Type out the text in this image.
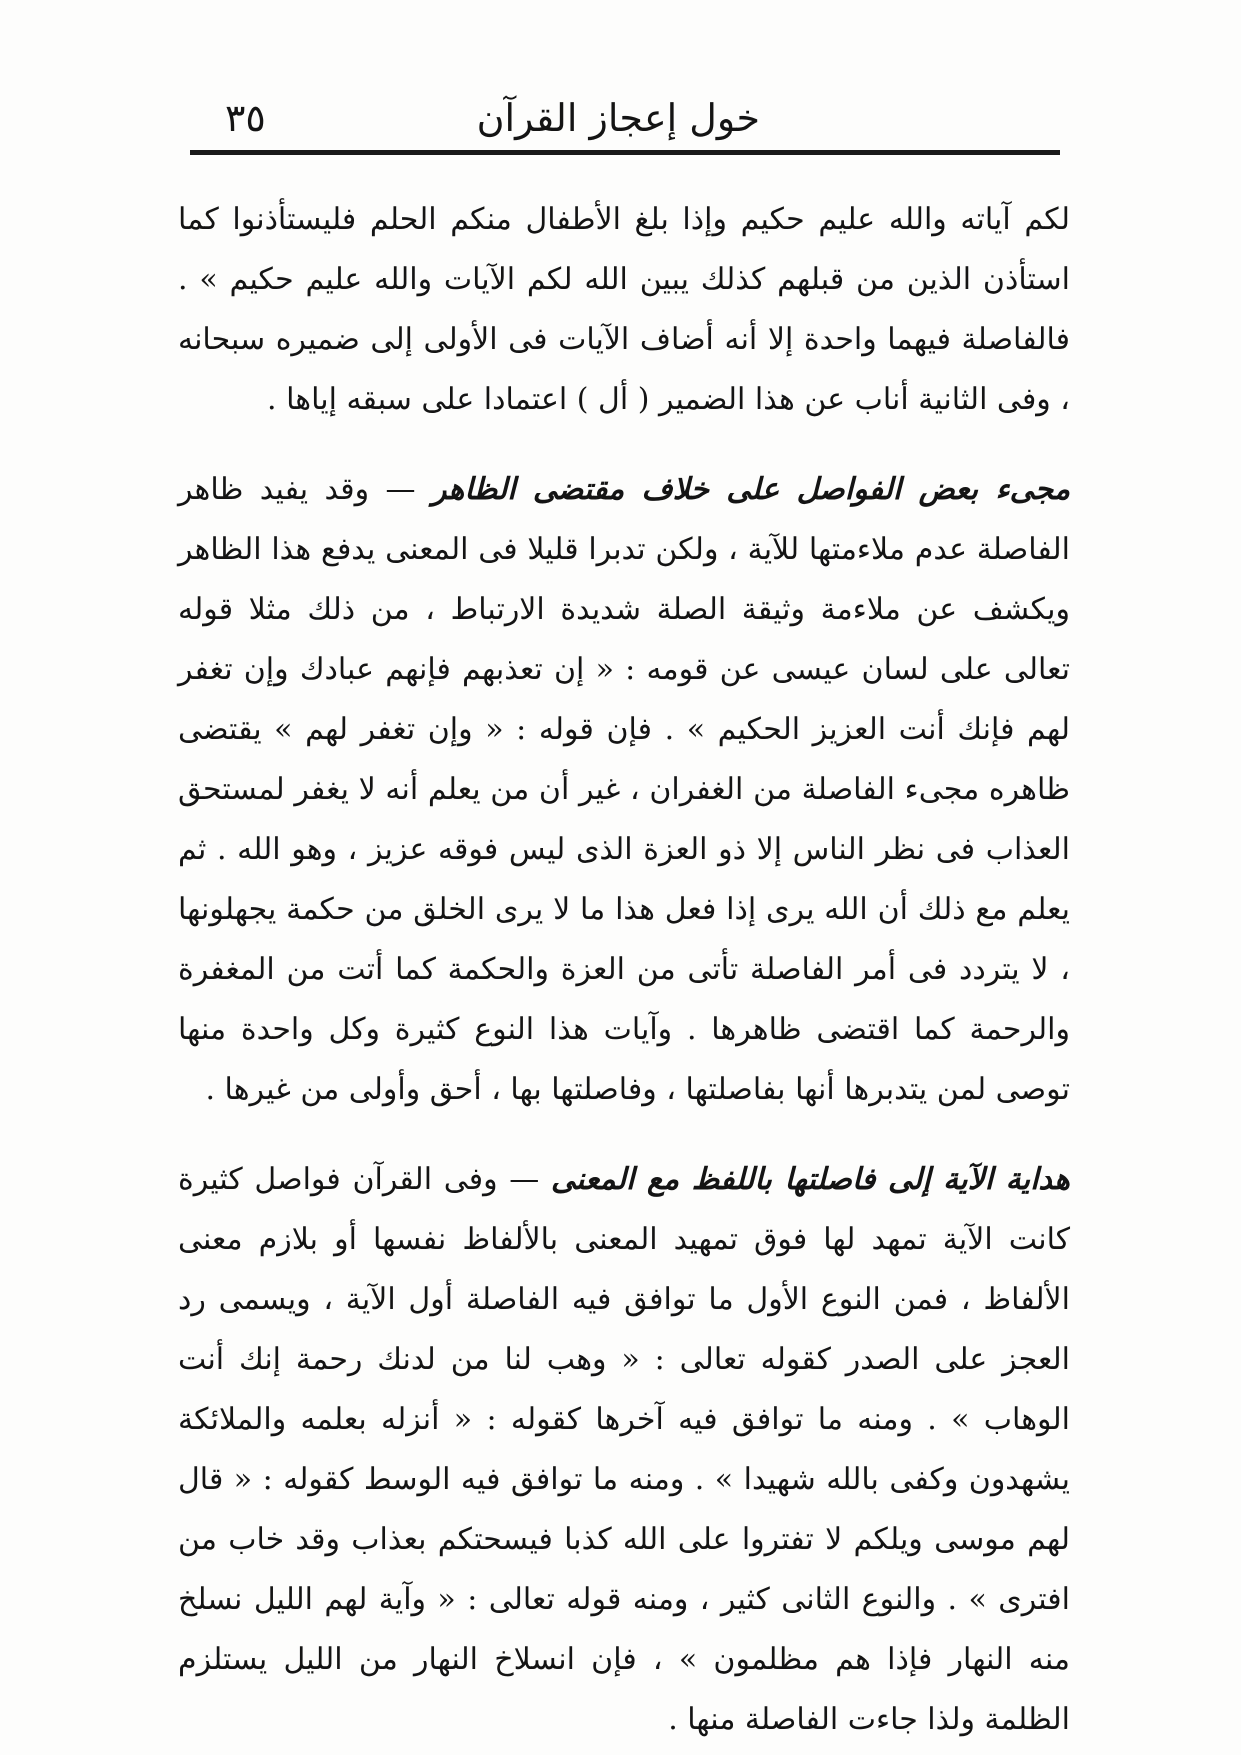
خول إعجاز القرآن
٣٥

لكم آياته والله عليم حكيم وإذا بلغ الأطفال منكم الحلم فليستأذنوا كما استأذن الذين من قبلهم كذلك يبين الله لكم الآيات والله عليم حكيم » . فالفاصلة فيهما واحدة إلا أنه أضاف الآيات فى الأولى إلى ضميره سبحانه ، وفى الثانية أناب عن هذا الضمير ( أل ) اعتمادا على سبقه إياها .

مجىء بعض الفواصل على خلاف مقتضى الظاهر — وقد يفيد ظاهر الفاصلة عدم ملاءمتها للآية ، ولكن تدبرا قليلا فى المعنى يدفع هذا الظاهر ويكشف عن ملاءمة وثيقة الصلة شديدة الارتباط ، من ذلك مثلا قوله تعالى على لسان عيسى عن قومه : « إن تعذبهم فإنهم عبادك وإن تغفر لهم فإنك أنت العزيز الحكيم » . فإن قوله : « وإن تغفر لهم » يقتضى ظاهره مجىء الفاصلة من الغفران ، غير أن من يعلم أنه لا يغفر لمستحق العذاب فى نظر الناس إلا ذو العزة الذى ليس فوقه عزيز ، وهو الله . ثم يعلم مع ذلك أن الله يرى إذا فعل هذا ما لا يرى الخلق من حكمة يجهلونها ، لا يتردد فى أمر الفاصلة تأتى من العزة والحكمة كما أتت من المغفرة والرحمة كما اقتضى ظاهرها . وآيات هذا النوع كثيرة وكل واحدة منها توصى لمن يتدبرها أنها بفاصلتها ، وفاصلتها بها ، أحق وأولى من غيرها .

هداية الآية إلى فاصلتها باللفظ مع المعنى — وفى القرآن فواصل كثيرة كانت الآية تمهد لها فوق تمهيد المعنى بالألفاظ نفسها أو بلازم معنى الألفاظ ، فمن النوع الأول ما توافق فيه الفاصلة أول الآية ، ويسمى رد العجز على الصدر كقوله تعالى : « وهب لنا من لدنك رحمة إنك أنت الوهاب » . ومنه ما توافق فيه آخرها كقوله : « أنزله بعلمه والملائكة يشهدون وكفى بالله شهيدا » . ومنه ما توافق فيه الوسط كقوله : « قال لهم موسى ويلكم لا تفتروا على الله كذبا فيسحتكم بعذاب وقد خاب من افترى » . والنوع الثانى كثير ، ومنه قوله تعالى : « وآية لهم الليل نسلخ منه النهار فإذا هم مظلمون » ، فإن انسلاخ النهار من الليل يستلزم الظلمة ولذا جاءت الفاصلة منها .
